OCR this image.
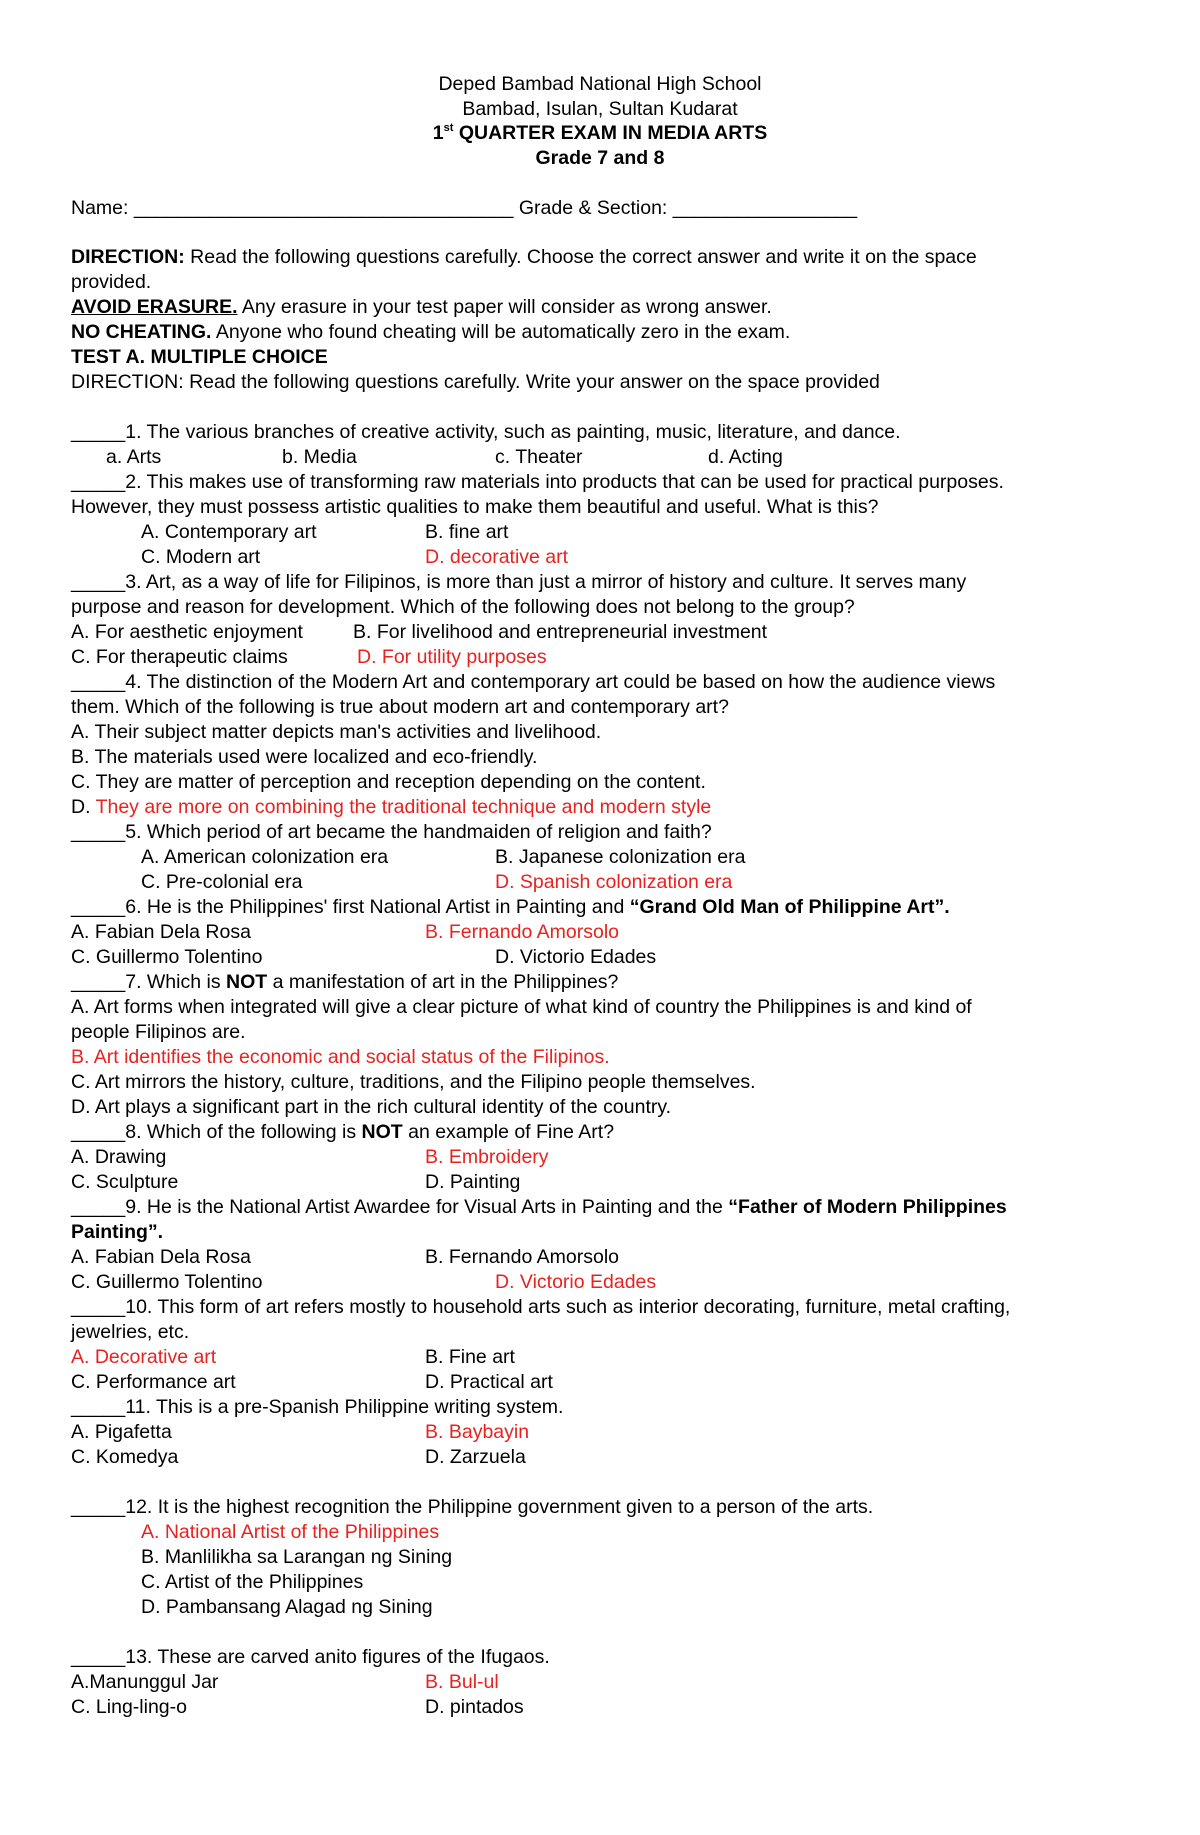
Deped Bambad National High School
Bambad, Isulan, Sultan Kudarat
1st QUARTER EXAM IN MEDIA ARTS
Grade 7 and 8
Name: ___________________________________ Grade & Section: _________________
DIRECTION: Read the following questions carefully. Choose the correct answer and write it on the space
provided.
AVOID ERASURE. Any erasure in your test paper will consider as wrong answer.
NO CHEATING. Anyone who found cheating will be automatically zero in the exam.
TEST A. MULTIPLE CHOICE
DIRECTION: Read the following questions carefully. Write your answer on the space provided
_____1. The various branches of creative activity, such as painting, music, literature, and dance.
a. Arts	b. Media	c. Theater	d. Acting
_____2. This makes use of transforming raw materials into products that can be used for practical purposes.
However, they must possess artistic qualities to make them beautiful and useful. What is this?
A. Contemporary art	B. fine art
C. Modern art	D. decorative art
_____3. Art, as a way of life for Filipinos, is more than just a mirror of history and culture. It serves many
purpose and reason for development. Which of the following does not belong to the group?
A. For aesthetic enjoyment	B. For livelihood and entrepreneurial investment
C. For therapeutic claims	D. For utility purposes
_____4. The distinction of the Modern Art and contemporary art could be based on how the audience views
them. Which of the following is true about modern art and contemporary art?
A. Their subject matter depicts man's activities and livelihood.
B. The materials used were localized and eco-friendly.
C. They are matter of perception and reception depending on the content.
D. They are more on combining the traditional technique and modern style
_____5. Which period of art became the handmaiden of religion and faith?
A. American colonization era	B. Japanese colonization era
C. Pre-colonial era	D. Spanish colonization era
_____6. He is the Philippines' first National Artist in Painting and “Grand Old Man of Philippine Art”.
A. Fabian Dela Rosa	B. Fernando Amorsolo
C. Guillermo Tolentino	D. Victorio Edades
_____7. Which is NOT a manifestation of art in the Philippines?
A. Art forms when integrated will give a clear picture of what kind of country the Philippines is and kind of
people Filipinos are.
B. Art identifies the economic and social status of the Filipinos.
C. Art mirrors the history, culture, traditions, and the Filipino people themselves.
D. Art plays a significant part in the rich cultural identity of the country.
_____8. Which of the following is NOT an example of Fine Art?
A. Drawing	B. Embroidery
C. Sculpture	D. Painting
_____9. He is the National Artist Awardee for Visual Arts in Painting and the “Father of Modern Philippines
Painting”.
A. Fabian Dela Rosa	B. Fernando Amorsolo
C. Guillermo Tolentino	D. Victorio Edades
_____10. This form of art refers mostly to household arts such as interior decorating, furniture, metal crafting,
jewelries, etc.
A. Decorative art	B. Fine art
C. Performance art	D. Practical art
_____11. This is a pre-Spanish Philippine writing system.
A. Pigafetta	B. Baybayin
C. Komedya	D. Zarzuela
_____12. It is the highest recognition the Philippine government given to a person of the arts.
A. National Artist of the Philippines
B. Manlilikha sa Larangan ng Sining
C. Artist of the Philippines
D. Pambansang Alagad ng Sining
_____13. These are carved anito figures of the Ifugaos.
A.Manunggul Jar	B. Bul-ul
C. Ling-ling-o	D. pintados
